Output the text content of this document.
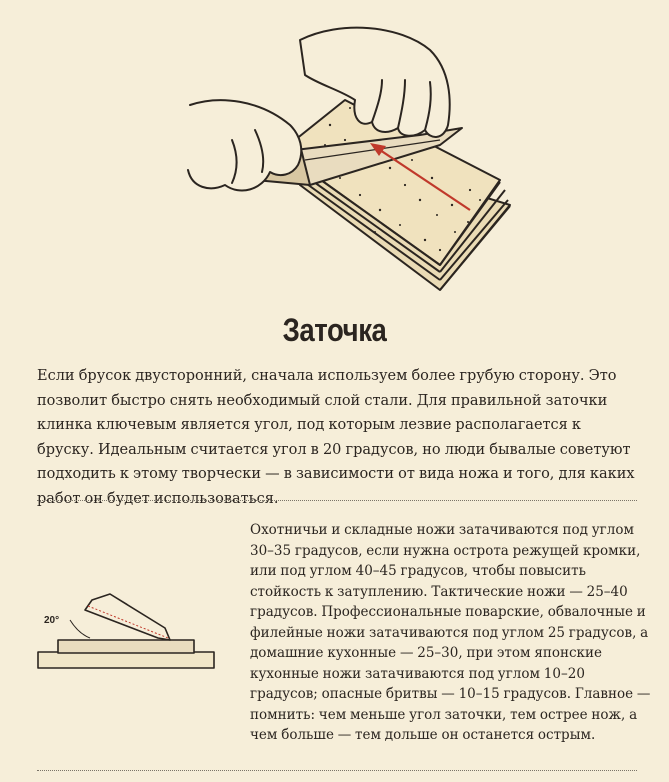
Заточка
Если брусок двусторонний, сначала используем более грубую сторону. Это позволит быстро снять необходимый слой стали. Для правильной заточки клинка ключевым является угол, под которым лезвие располагается к бруску. Идеальным считается угол в 20 градусов, но люди бывалые советуют подходить к этому творчески — в зависимости от вида ножа и того, для каких работ он будет использоваться.
20°
Охотничьи и складные ножи затачиваются под углом 30–35 градусов, если нужна острота режущей кромки, или под углом 40–45 градусов, чтобы повысить стойкость к затуплению. Тактические ножи — 25–40 градусов. Профессиональные поварские, обвалочные и филейные ножи затачиваются под углом 25 градусов, а домашние кухонные — 25–30, при этом японские кухонные ножи затачиваются под углом 10–20 градусов; опасные бритвы — 10–15 градусов. Главное — помнить: чем меньше угол заточки, тем острее нож, а чем больше — тем дольше он останется острым.
